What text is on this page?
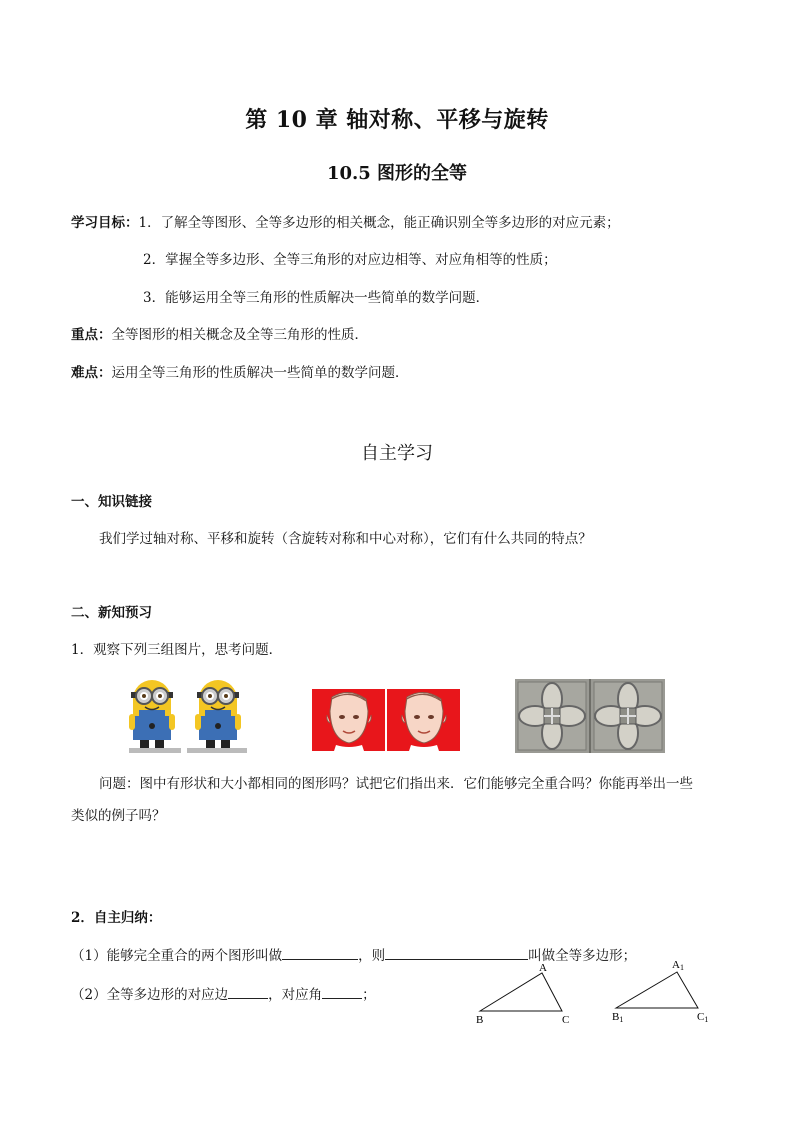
第 10 章 轴对称、平移与旋转
10.5 图形的全等
学习目标：1．了解全等图形、全等多边形的相关概念，能正确识别全等多边形的对应元素；
2．掌握全等多边形、全等三角形的对应边相等、对应角相等的性质；
3．能够运用全等三角形的性质解决一些简单的数学问题．
重点：全等图形的相关概念及全等三角形的性质．
难点：运用全等三角形的性质解决一些简单的数学问题．
自主学习
一、知识链接
我们学过轴对称、平移和旋转（含旋转对称和中心对称），它们有什么共同的特点？
二、新知预习
1．观察下列三组图片，思考问题．
问题：图中有形状和大小都相同的图形吗？试把它们指出来．它们能够完全重合吗？你能再举出一些
类似的例子吗？
2．自主归纳：
（1）能够完全重合的两个图形叫做	，则	叫做全等多边形；
（2）全等多边形的对应边	，对应角	；
A
B	C
A1
B1	C1
